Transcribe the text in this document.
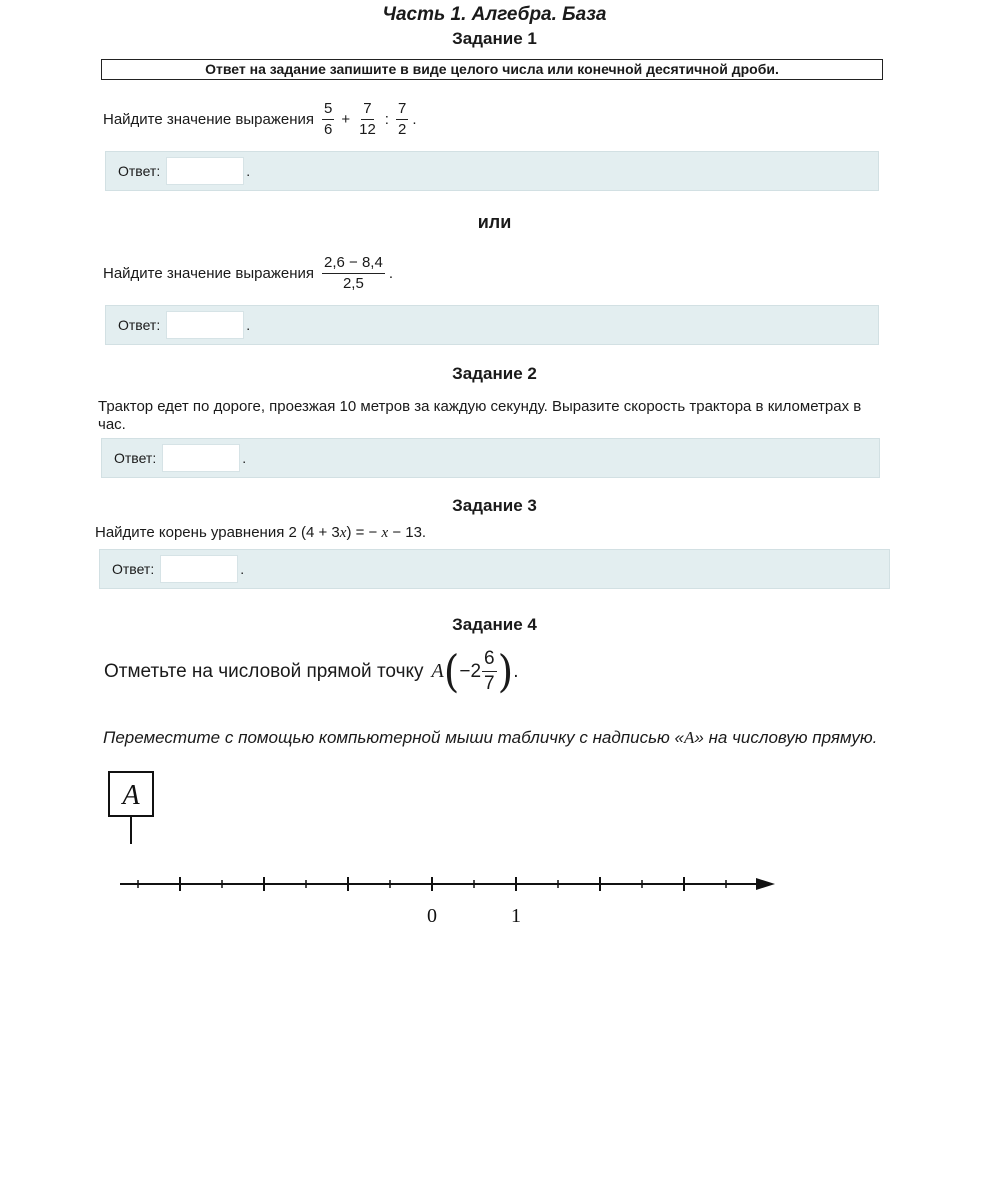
Часть 1. Алгебра. База
Задание 1
Ответ на задание запишите в виде целого числа или конечной десятичной дроби.
Найдите значение выражения $\frac{5}{6} + \frac{7}{12}$ : $\frac{7}{2}$ .
Ответ:	.
или
Найдите значение выражения $\frac{2,6 - 8,4}{2,5}$ .
Ответ:	.
Задание 2
Трактор едет по дороге, проезжая 10 метров за каждую секунду. Выразите скорость трактора в километрах в час.
Ответ:	.
Задание 3
Найдите корень уравнения 2 (4 + 3x) = − x − 13.
Ответ:	.
Задание 4
Отметьте на числовой прямой точку A ( $-2 \frac{6}{7}$ ) .
Переместите с помощью компьютерной мыши табличку с надписью «A» на числовую прямую.
A
0	1
